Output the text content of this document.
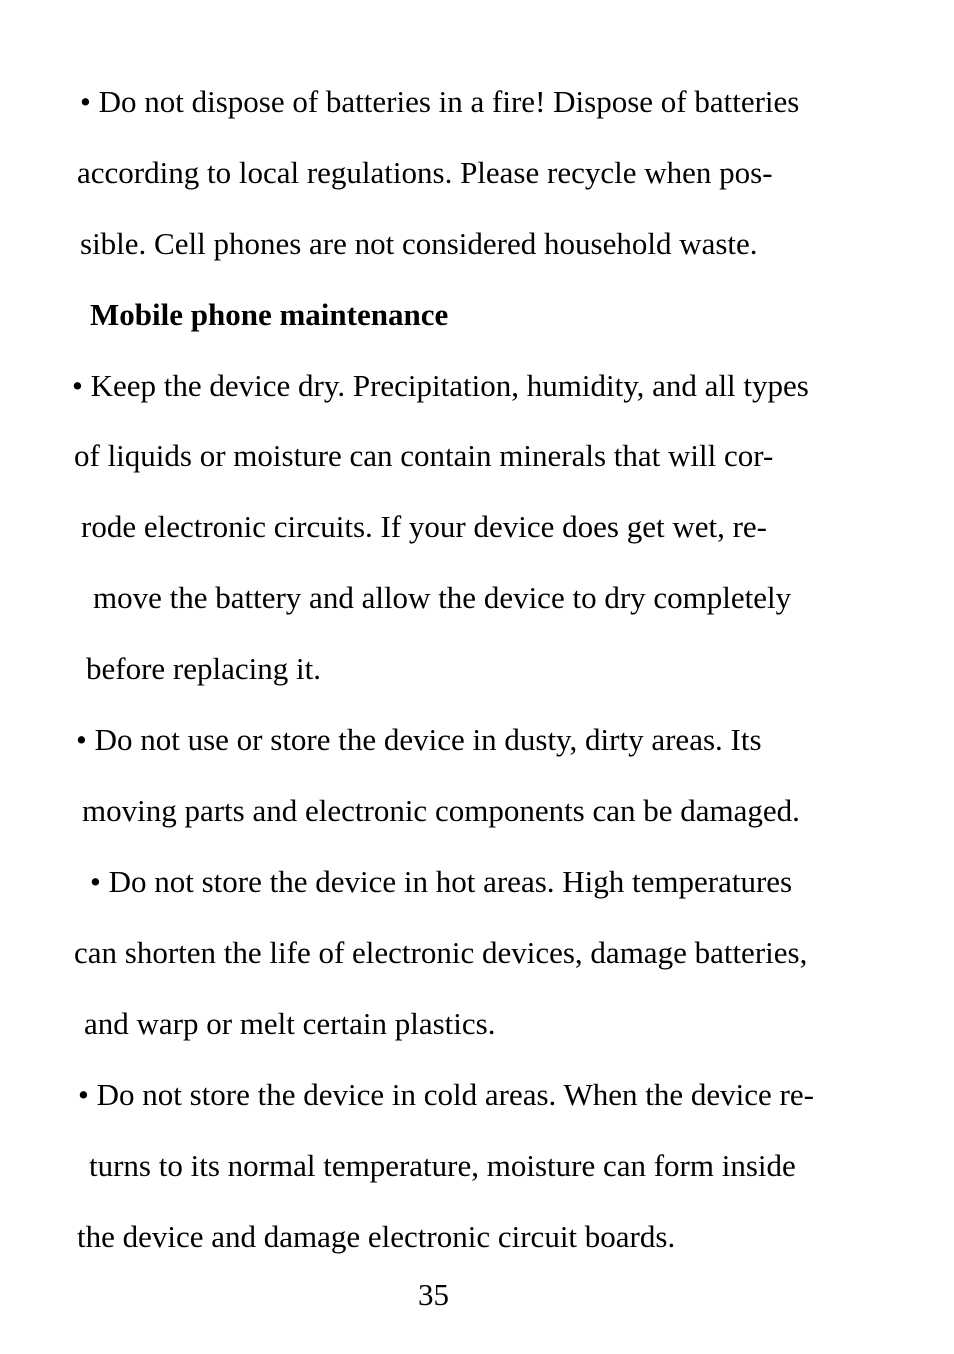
• Do not dispose of batteries in a fire! Dispose of batteries

according to local regulations. Please recycle when pos-

sible. Cell phones are not considered household waste.

Mobile phone maintenance

• Keep the device dry. Precipitation, humidity, and all types

of liquids or moisture can contain minerals that will cor-

rode electronic circuits. If your device does get wet, re-

move the battery and allow the device to dry completely

before replacing it.

• Do not use or store the device in dusty, dirty areas. Its

moving parts and electronic components can be damaged.

• Do not store the device in hot areas. High temperatures

can shorten the life of electronic devices, damage batteries,

and warp or melt certain plastics.

• Do not store the device in cold areas. When the device re-

turns to its normal temperature, moisture can form inside

the device and damage electronic circuit boards.

35
